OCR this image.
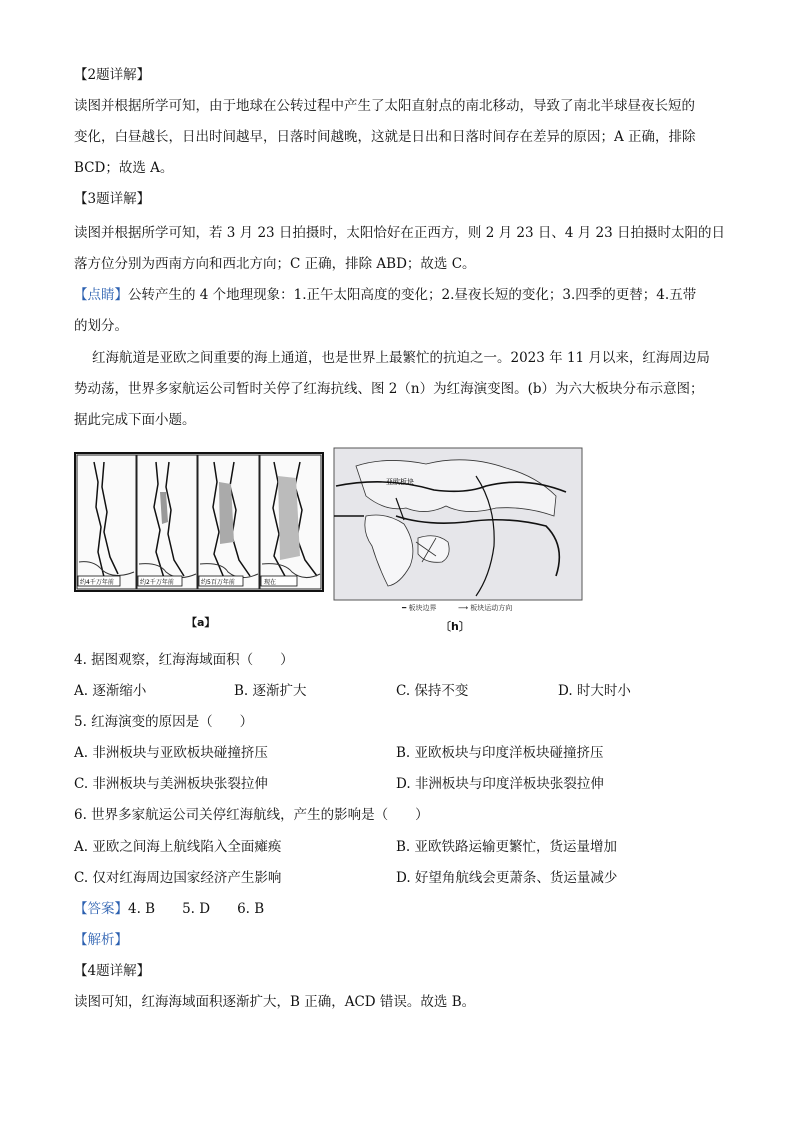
【2题详解】
读图并根据所学可知，由于地球在公转过程中产生了太阳直射点的南北移动，导致了南北半球昼夜长短的
变化，白昼越长，日出时间越早，日落时间越晚，这就是日出和日落时间存在差异的原因；A 正确，排除
BCD；故选 A。
【3题详解】
读图并根据所学可知，若 3 月 23 日拍摄时，太阳恰好在正西方，则 2 月 23 日、4 月 23 日拍摄时太阳的日
落方位分别为西南方向和西北方向；C 正确，排除 ABD；故选 C。
【点睛】公转产生的 4 个地理现象：1.正午太阳高度的变化；2.昼夜长短的变化；3.四季的更替；4.五带
的划分。
红海航道是亚欧之间重要的海上通道，也是世界上最繁忙的抗迫之一。2023 年 11 月以来，红海周边局
势动荡，世界多家航运公司暂时关停了红海抗线、图 2（n）为红海演变图。(b）为六大板块分布示意图；
据此完成下面小题。
约4千万年前	约2千万年前	约5百万年前	现在
亚欧板块
━ 板块边界	⟶ 板块运动方向
【a】	〔h〕
4. 据图观察，红海海域面积（　　）
A. 逐渐缩小	B. 逐渐扩大	C. 保持不变	D. 时大时小
5. 红海演变的原因是（　　）
A. 非洲板块与亚欧板块碰撞挤压	B. 亚欧板块与印度洋板块碰撞挤压
C. 非洲板块与美洲板块张裂拉伸	D. 非洲板块与印度洋板块张裂拉伸
6. 世界多家航运公司关停红海航线，产生的影响是（　　）
A. 亚欧之间海上航线陷入全面瘫痪	B. 亚欧铁路运输更繁忙，货运量增加
C. 仅对红海周边国家经济产生影响	D. 好望角航线会更萧条、货运量减少
【答案】4. B　　5. D　　6. B
【解析】
【4题详解】
读图可知，红海海域面积逐渐扩大，B 正确，ACD 错误。故选 B。
